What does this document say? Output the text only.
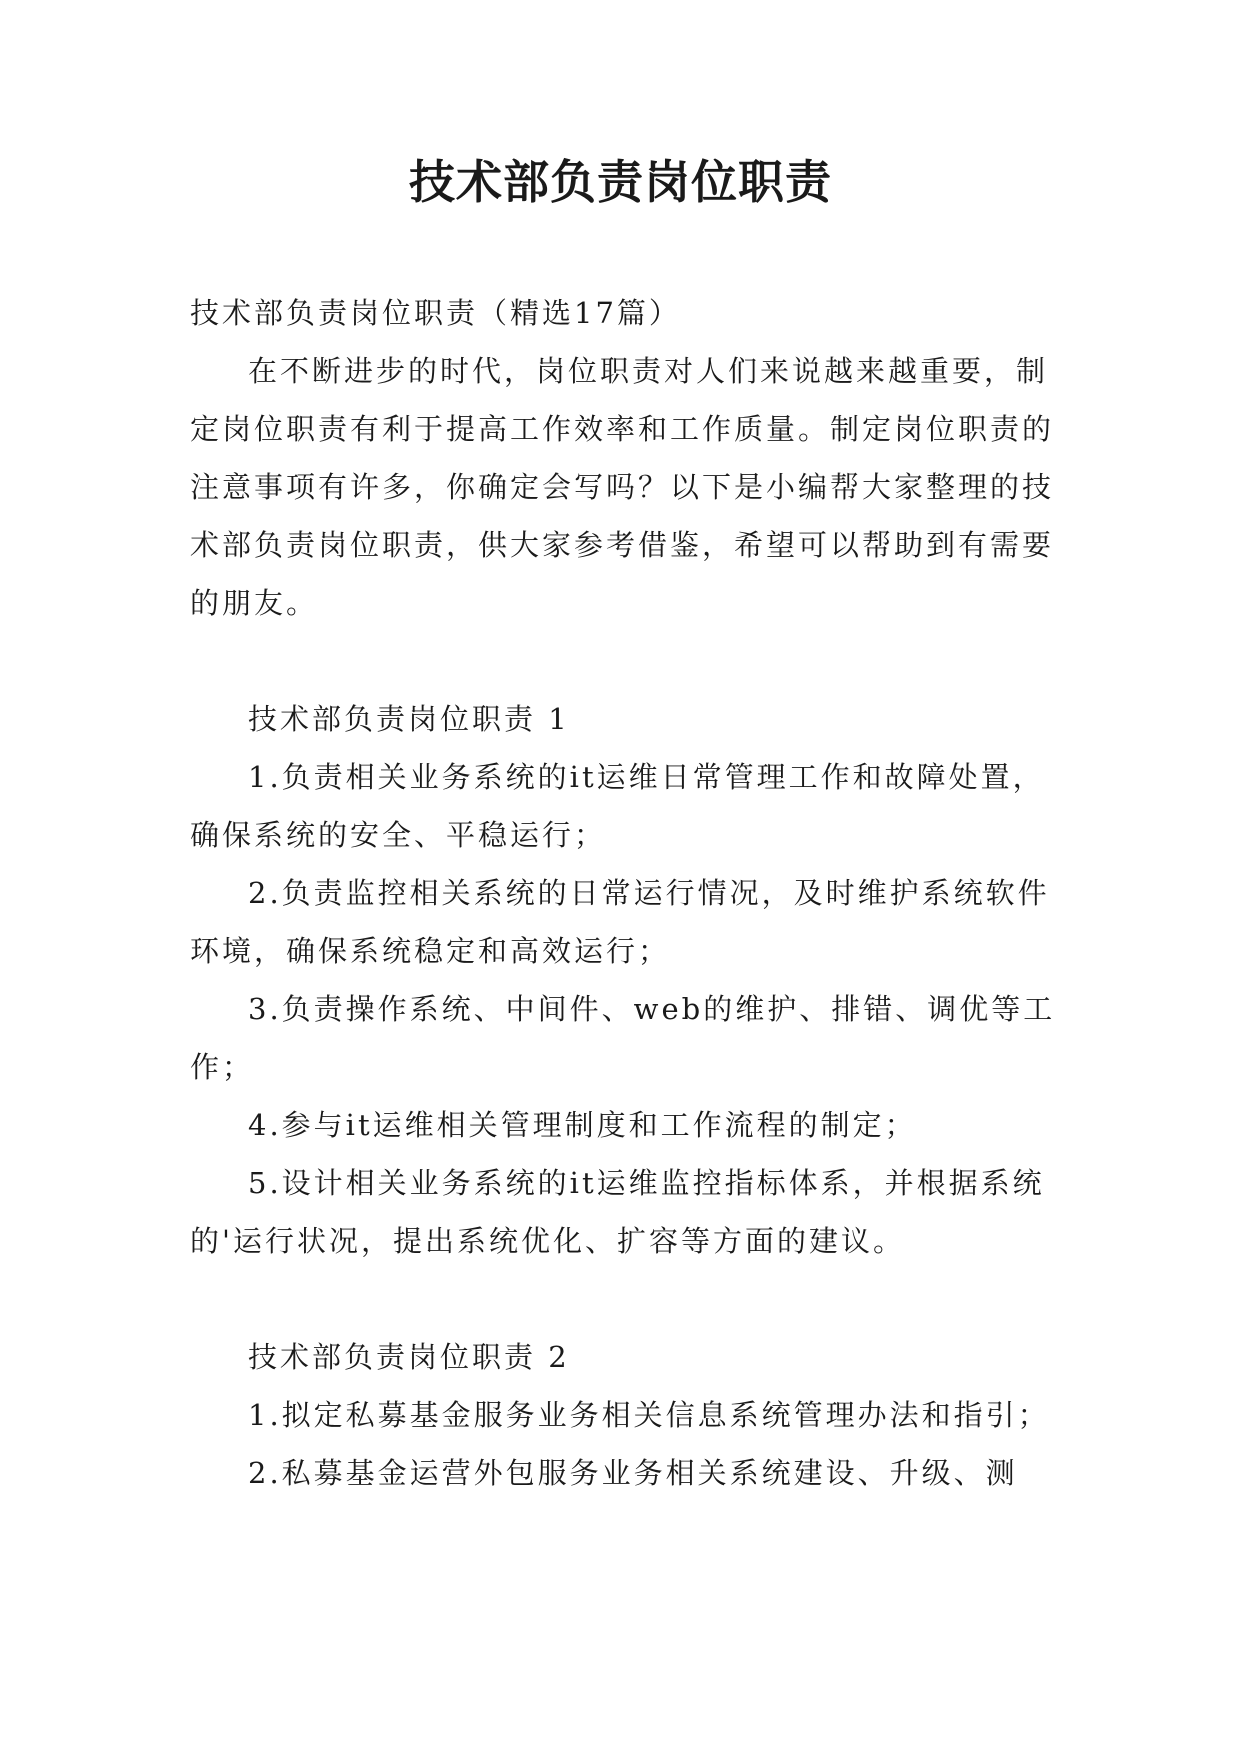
技术部负责岗位职责

技术部负责岗位职责（精选17篇）

在不断进步的时代，岗位职责对人们来说越来越重要，制定岗位职责有利于提高工作效率和工作质量。制定岗位职责的注意事项有许多，你确定会写吗？以下是小编帮大家整理的技术部负责岗位职责，供大家参考借鉴，希望可以帮助到有需要的朋友。

技术部负责岗位职责 1

1.负责相关业务系统的it运维日常管理工作和故障处置，确保系统的安全、平稳运行；

2.负责监控相关系统的日常运行情况，及时维护系统软件环境，确保系统稳定和高效运行；

3.负责操作系统、中间件、web的维护、排错、调优等工作；

4.参与it运维相关管理制度和工作流程的制定；

5.设计相关业务系统的it运维监控指标体系，并根据系统的'运行状况，提出系统优化、扩容等方面的建议。

技术部负责岗位职责 2

1.拟定私募基金服务业务相关信息系统管理办法和指引；

2.私募基金运营外包服务业务相关系统建设、升级、测
